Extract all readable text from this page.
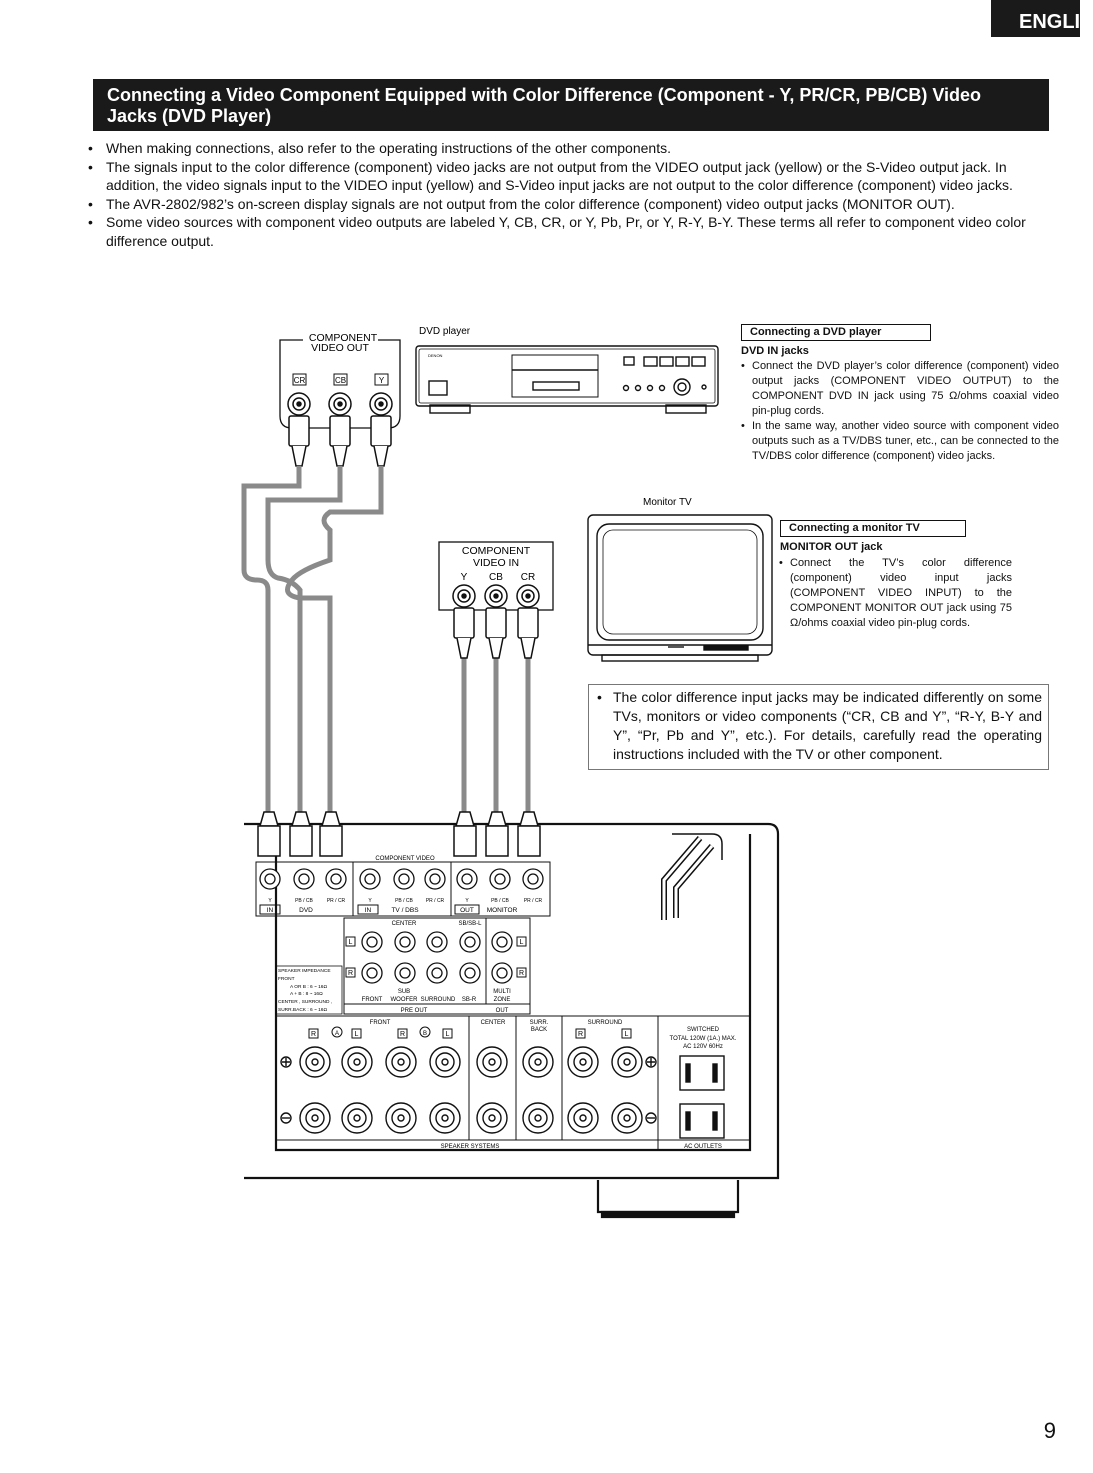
ENGLIS
Connecting a Video Component Equipped with Color Difference (Component - Y, PR/CR, PB/CB) Video Jacks (DVD Player)

• When making connections, also refer to the operating instructions of the other components.

• The signals input to the color difference (component) video jacks are not output from the VIDEO output jack (yellow) or the S-Video output jack. In addition, the video signals input to the VIDEO input (yellow) and S-Video input jacks are not output to the color difference (component) video jacks.

• The AVR-2802/982’s on-screen display signals are not output from the color difference (component) video output jacks (MONITOR OUT).

• Some video sources with component video outputs are labeled Y, CB, CR, or Y, Pb, Pr, or Y, R-Y, B-Y. These terms all refer to component video color difference output.

COMPONENT
VIDEO OUT
CR	CB	Y
DVD player
DENON
Monitor TV
COMPONENT
VIDEO IN
Y CB CR
COMPONENT VIDEO
Y	PB / CB	PR / CR	Y	PB / CB	PR / CR	Y	PB / CB	PR / CR
IN	DVD	IN	TV / DBS	OUT MONITOR
CENTER	SB/SB-L
SUB	MULTI
FRONT WOOFER SURROUND SB-R	ZONE
PRE OUT	OUT
L	L
R	R
SPEAKER IMPEDANCE
FRONT
A OR B : 6 ~ 16Ω
A + B : 8 ~ 16Ω
CENTER , SURROUND ,
SURR.BACK : 6 ~ 16Ω
FRONT	CENTER	SURR.
BACK
SURROUND
SWITCHED
TOTAL 120W (1A.) MAX.
AC 120V 60Hz
SPEAKER SYSTEMS	AC OUTLETS
R	A L	R	B	L	R	L
Connecting a DVD player
DVD IN jacks
• Connect the DVD player’s color difference (component) video output jacks (COMPONENT VIDEO OUTPUT) to the COMPONENT DVD IN jack using 75 Ω/ohms coaxial video pin-plug cords.
• In the same way, another video source with component video outputs such as a TV/DBS tuner, etc., can be connected to the TV/DBS color difference (component) video jacks.
Connecting a monitor TV
MONITOR OUT jack
• Connect the TV’s color difference (component) video input jacks (COMPONENT VIDEO INPUT) to the COMPONENT MONITOR OUT jack using 75 Ω/ohms coaxial video pin-plug cords.
• The color difference input jacks may be indicated differently on some TVs, monitors or video components (“CR, CB and Y”, “R-Y, B-Y and Y”, “Pr, Pb and Y”, etc.). For details, carefully read the operating instructions included with the TV or other component.
9
